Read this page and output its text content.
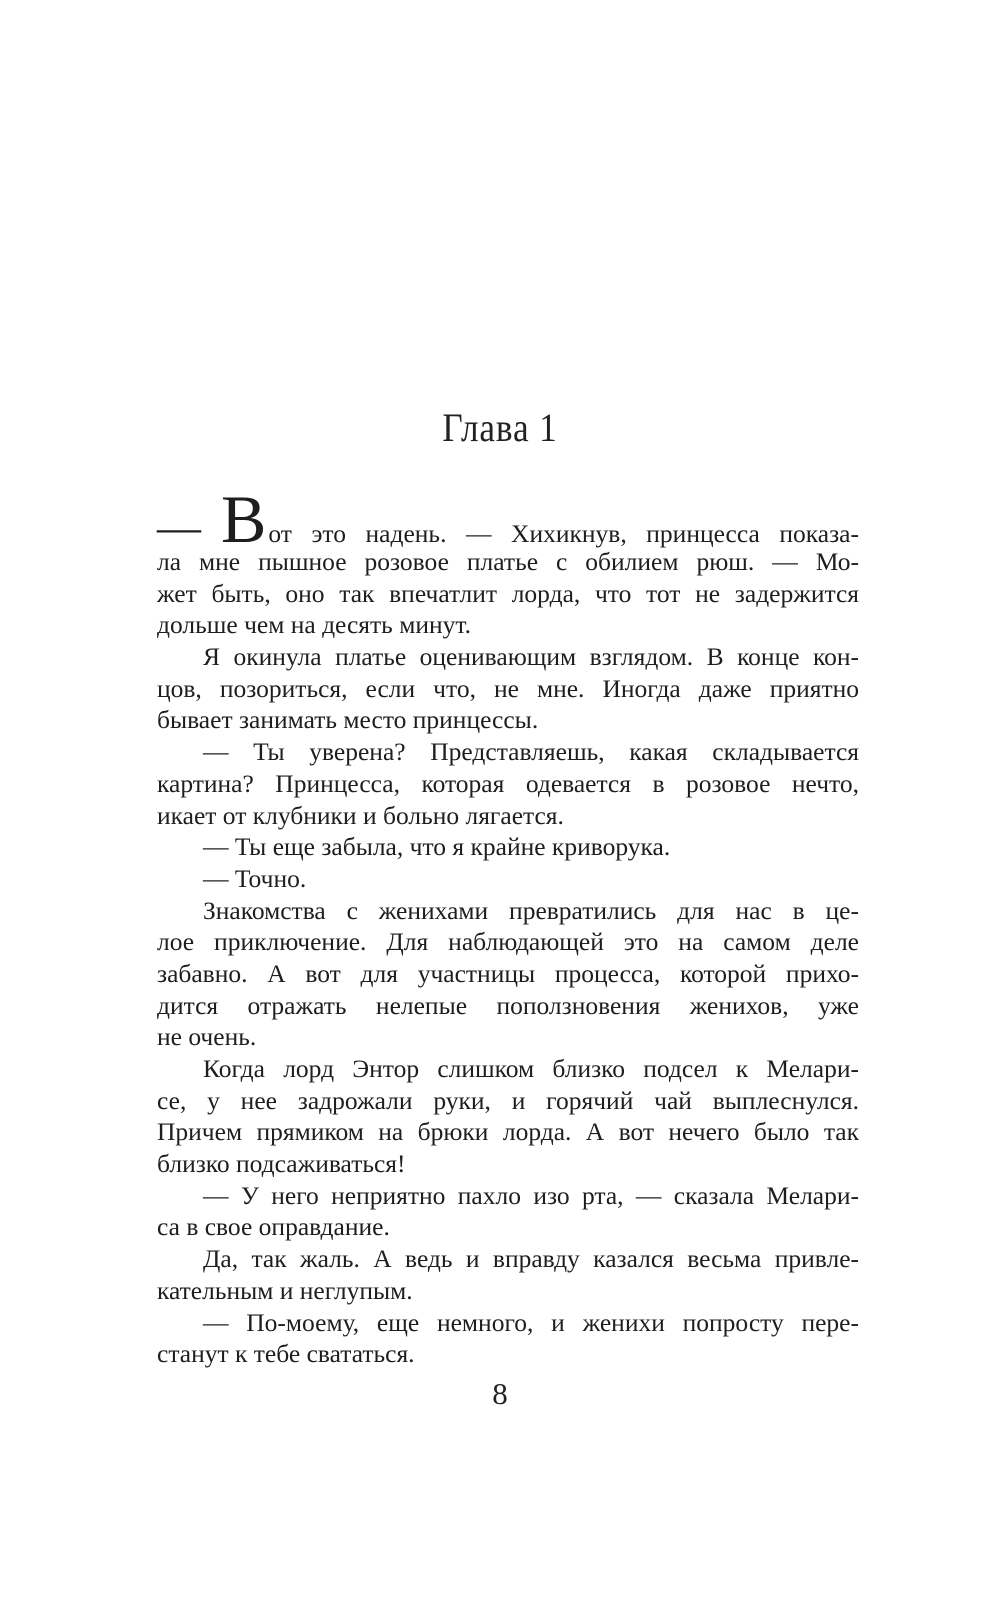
Глава 1
— Вот это надень. — Хихикнув, принцесса показа-
ла мне пышное розовое платье с обилием рюш. — Мо-
жет быть, оно так впечатлит лорда, что тот не задержится
дольше чем на десять минут.
Я окинула платье оценивающим взглядом. В конце кон-
цов, позориться, если что, не мне. Иногда даже приятно
бывает занимать место принцессы.
— Ты уверена? Представляешь, какая складывается
картина? Принцесса, которая одевается в розовое нечто,
икает от клубники и больно лягается.
— Ты еще забыла, что я крайне криворука.
— Точно.
Знакомства с женихами превратились для нас в це-
лое приключение. Для наблюдающей это на самом деле
забавно. А вот для участницы процесса, которой прихо-
дится отражать нелепые поползновения женихов, уже
не очень.
Когда лорд Энтор слишком близко подсел к Мелари-
се, у нее задрожали руки, и горячий чай выплеснулся.
Причем прямиком на брюки лорда. А вот нечего было так
близко подсаживаться!
— У него неприятно пахло изо рта, — сказала Мелари-
са в свое оправдание.
Да, так жаль. А ведь и вправду казался весьма привле-
кательным и неглупым.
— По-моему, еще немного, и женихи попросту пере-
станут к тебе свататься.
8
